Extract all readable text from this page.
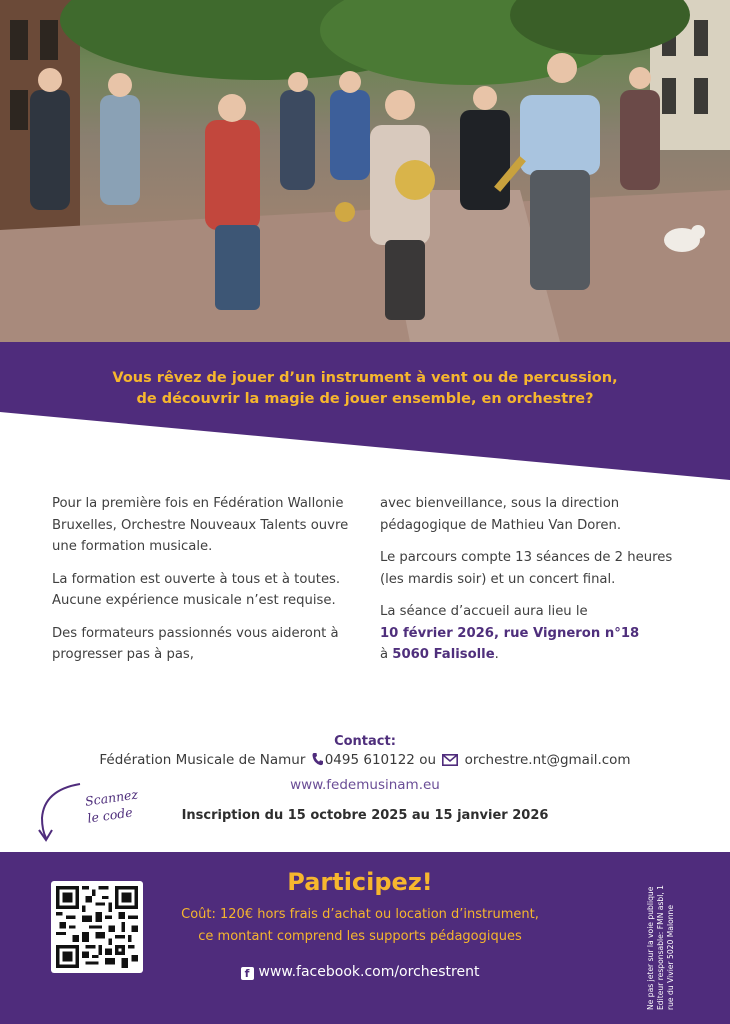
Vous rêvez de jouer d’un instrument à vent ou de percussion,
de découvrir la magie de jouer ensemble, en orchestre?

Pour la première fois en Fédération Wallonie Bruxelles, Orchestre Nouveaux Talents ouvre une formation musicale.

La formation est ouverte à tous et à toutes. Aucune expérience musicale n’est requise.

Des formateurs passionnés vous aideront à progresser pas à pas,

avec bienveillance, sous la direction pédagogique de Mathieu Van Doren.

Le parcours compte 13 séances de 2 heures (les mardis soir) et un concert final.

La séance d’accueil aura lieu le
10 février 2026, rue Vigneron n°18
à 5060 Falisolle.

Contact:
Fédération Musicale de Namur 0495 610122 ou orchestre.nt@gmail.com
www.fedemusinam.eu
Scannez
le code	Inscription du 15 octobre 2025 au 15 janvier 2026
Participez!
Coût: 120€ hors frais d’achat ou location d’instrument,
ce montant comprend les supports pédagogiques
f www.facebook.com/orchestrent	Ne pas jeter sur la voie publique Editeur responsable: FMN asbl, 1 rue du Vivier 5020 Malonne
